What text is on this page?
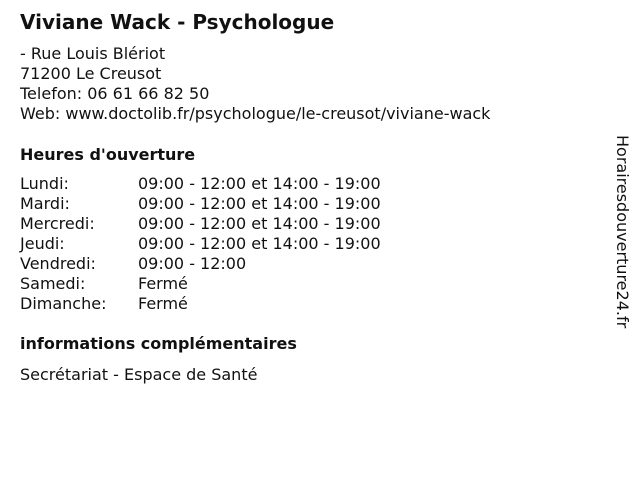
Viviane Wack - Psychologue
- Rue Louis Blériot
71200 Le Creusot
Telefon: 06 61 66 82 50
Web: www.doctolib.fr/psychologue/le-creusot/viviane-wack
Heures d'ouverture
Lundi:	09:00 - 12:00 et 14:00 - 19:00
Mardi:	09:00 - 12:00 et 14:00 - 19:00
Mercredi:	09:00 - 12:00 et 14:00 - 19:00
Jeudi:	09:00 - 12:00 et 14:00 - 19:00
Vendredi:	09:00 - 12:00
Samedi:	Fermé
Dimanche:	Fermé
informations complémentaires
Secrétariat - Espace de Santé
Horairesdouverture24.fr
